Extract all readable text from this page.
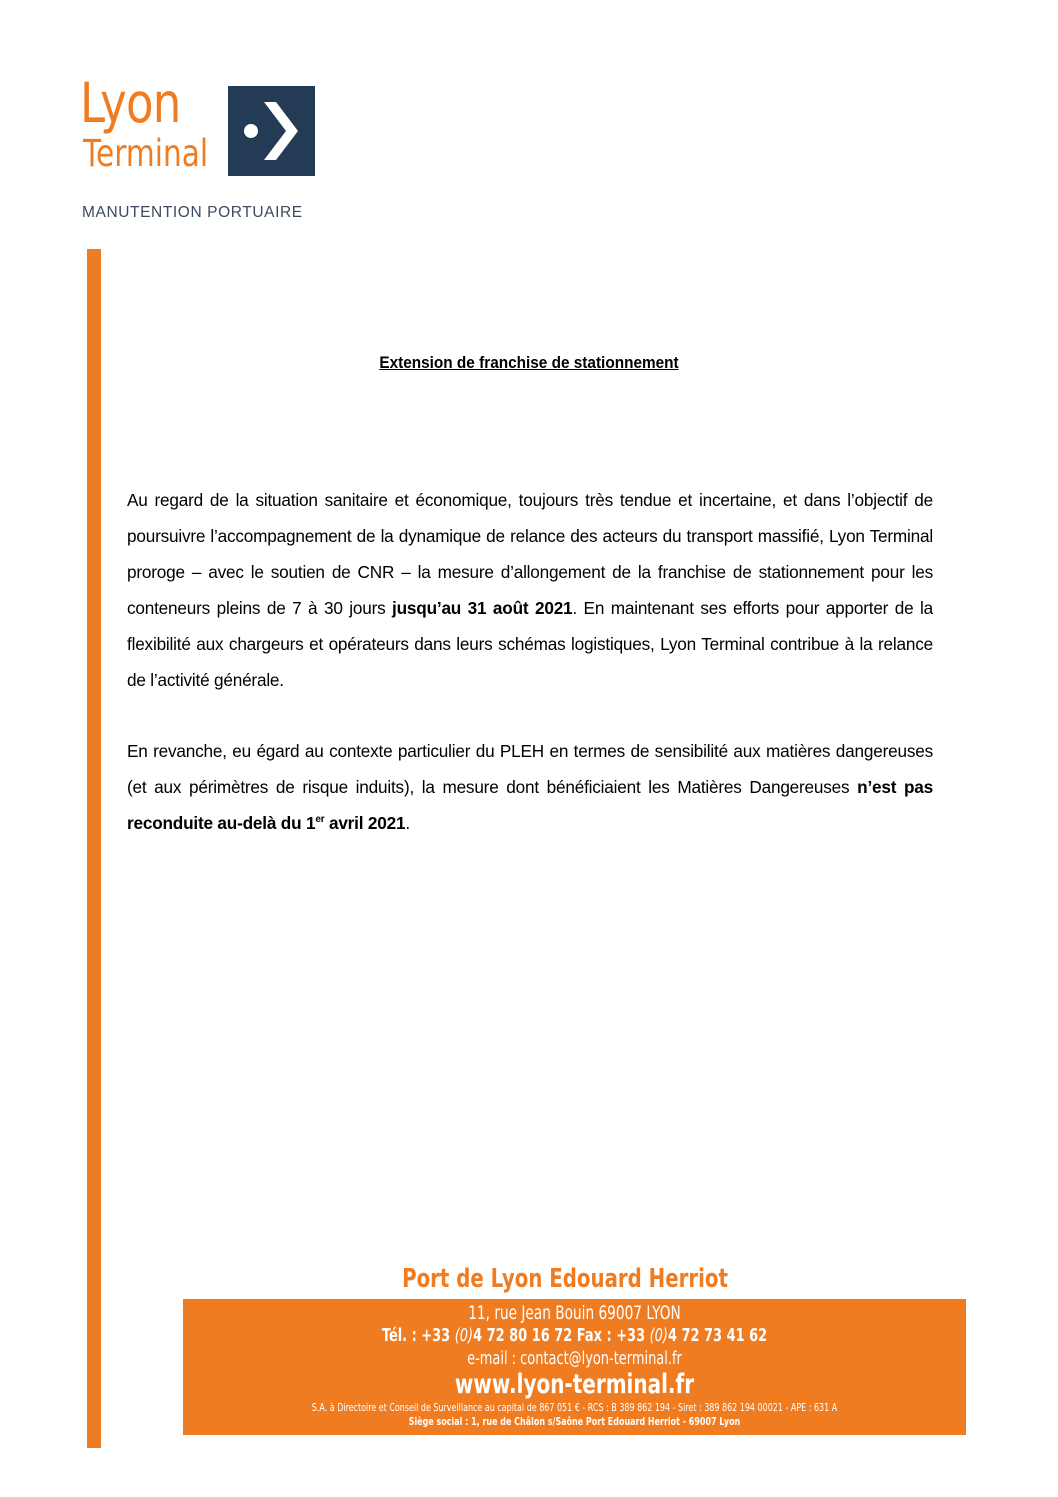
Lyon
Terminal
MANUTENTION PORTUAIRE
Extension de franchise de stationnement
Au regard de la situation sanitaire et économique, toujours très tendue et incertaine, et dans l’objectif de poursuivre l’accompagnement de la dynamique de relance des acteurs du transport massifié, Lyon Terminal proroge – avec le soutien de CNR – la mesure d’allongement de la franchise de stationnement pour les conteneurs pleins de 7 à 30 jours jusqu’au 31 août 2021. En maintenant ses efforts pour apporter de la flexibilité aux chargeurs et opérateurs dans leurs schémas logistiques, Lyon Terminal contribue à la relance de l’activité générale.
En revanche, eu égard au contexte particulier du PLEH en termes de sensibilité aux matières dangereuses (et aux périmètres de risque induits), la mesure dont bénéficiaient les Matières Dangereuses n’est pas reconduite au-delà du 1er avril 2021.
Port de Lyon Edouard Herriot
11, rue Jean Bouin 69007 LYON
Tél. : +33 (0)4 72 80 16 72 Fax : +33 (0)4 72 73 41 62
e-mail : contact@lyon-terminal.fr
www.lyon-terminal.fr
S.A. à Directoire et Conseil de Surveillance au capital de 867 051 € - RCS : B 389 862 194 - Siret : 389 862 194 00021 - APE : 631 A
Siège social : 1, rue de Châlon s/Saône Port Edouard Herriot - 69007 Lyon
